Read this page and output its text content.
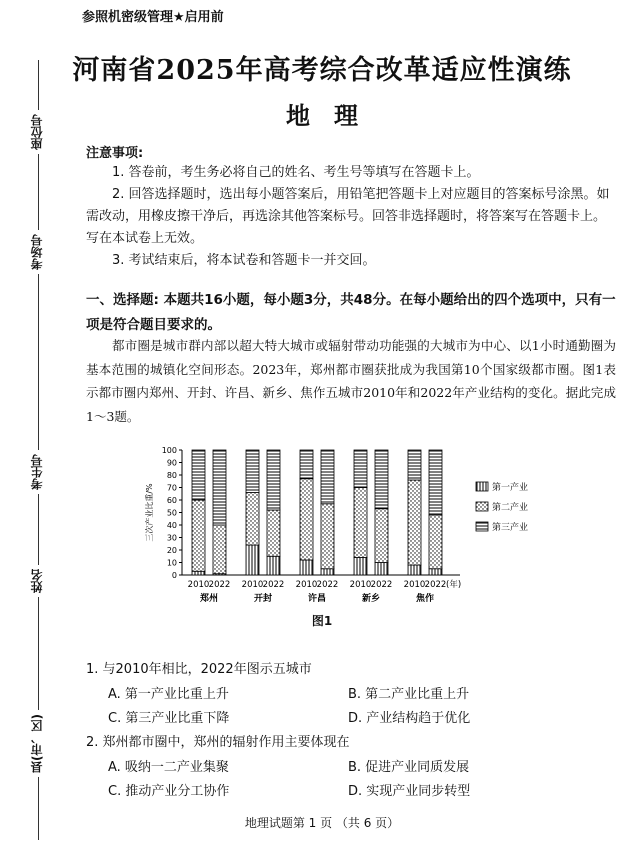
参照机密级管理★启用前
座位号
考场号
考生号
姓名
县(市、区)
河南省2025年高考综合改革适应性演练
地理
注意事项:
1. 答卷前，考生务必将自己的姓名、考生号等填写在答题卡上。
2. 回答选择题时，选出每小题答案后，用铅笔把答题卡上对应题目的答案标号涂黑。如需改动，用橡皮擦干净后，再选涂其他答案标号。回答非选择题时，将答案写在答题卡上。写在本试卷上无效。
3. 考试结束后，将本试卷和答题卡一并交回。
一、选择题: 本题共16小题，每小题3分，共48分。在每小题给出的四个选项中，只有一项是符合题目要求的。
都市圈是城市群内部以超大特大城市或辐射带动功能强的大城市为中心、以1小时通勤圈为基本范围的城镇化空间形态。2023年，郑州都市圈获批成为我国第10个国家级都市圈。图1表示都市圈内郑州、开封、许昌、新乡、焦作五城市2010年和2022年产业结构的变化。据此完成1～3题。
0
10
20
30
40
50
60
70
80
90
100
三次产业比重/%
2010 2022 2010 2022 2010 2022 2010 2022 2010 2022 (年)
郑州	开封	许昌	新乡	焦作
第一产业
第二产业
第三产业
图1
1. 与2010年相比，2022年图示五城市
A. 第一产业比重上升	B. 第二产业比重上升
C. 第三产业比重下降	D. 产业结构趋于优化
2. 郑州都市圈中，郑州的辐射作用主要体现在
A. 吸纳一二产业集聚	B. 促进产业同质发展
C. 推动产业分工协作	D. 实现产业同步转型
地理试题第 1 页 （共 6 页）
